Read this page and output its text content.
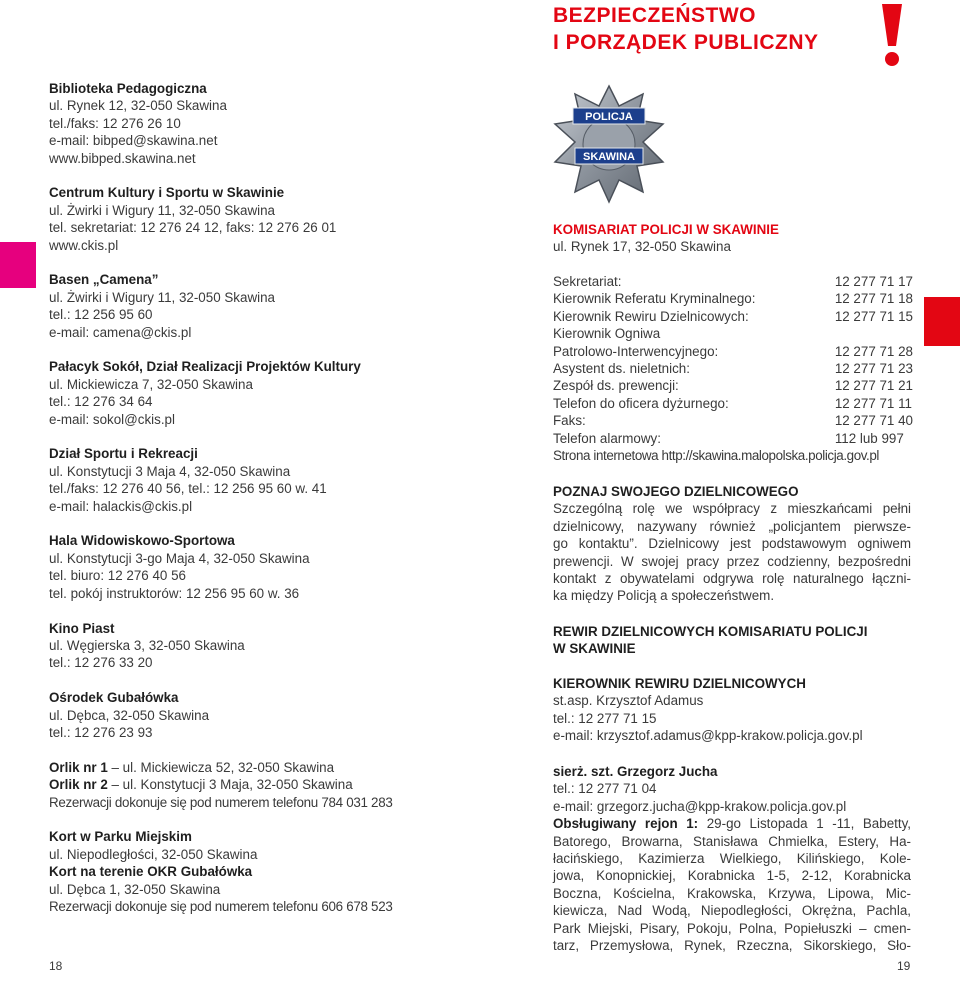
BEZPIECZEŃSTWO
I PORZĄDEK PUBLICZNY
POLICJA
SKAWINA
Biblioteka Pedagogiczna
ul. Rynek 12, 32-050 Skawina
tel./faks: 12 276 26 10
e-mail: bibped@skawina.net
www.bibped.skawina.net
Centrum Kultury i Sportu w Skawinie
ul. Żwirki i Wigury 11, 32-050 Skawina
tel. sekretariat: 12 276 24 12, faks: 12 276 26 01
www.ckis.pl
Basen „Camena”
ul. Żwirki i Wigury 11, 32-050 Skawina
tel.: 12 256 95 60
e-mail: camena@ckis.pl
Pałacyk Sokół, Dział Realizacji Projektów Kultury
ul. Mickiewicza 7, 32-050 Skawina
tel.: 12 276 34 64
e-mail: sokol@ckis.pl
Dział Sportu i Rekreacji
ul. Konstytucji 3 Maja 4, 32-050 Skawina
tel./faks: 12 276 40 56, tel.: 12 256 95 60 w. 41
e-mail: halackis@ckis.pl
Hala Widowiskowo-Sportowa
ul. Konstytucji 3-go Maja 4, 32-050 Skawina
tel. biuro: 12 276 40 56
tel. pokój instruktorów: 12 256 95 60 w. 36
Kino Piast
ul. Węgierska 3, 32-050 Skawina
tel.: 12 276 33 20
Ośrodek Gubałówka
ul. Dębca, 32-050 Skawina
tel.: 12 276 23 93
Orlik nr 1 – ul. Mickiewicza 52, 32-050 Skawina
Orlik nr 2 – ul. Konstytucji 3 Maja, 32-050 Skawina
Rezerwacji dokonuje się pod numerem telefonu 784 031 283
Kort w Parku Miejskim
ul. Niepodległości, 32-050 Skawina
Kort na terenie OKR Gubałówka
ul. Dębca 1, 32-050 Skawina
Rezerwacji dokonuje się pod numerem telefonu 606 678 523
KOMISARIAT POLICJI W SKAWINIE
ul. Rynek 17, 32-050 Skawina
Sekretariat:	12 277 71 17
Kierownik Referatu Kryminalnego:	12 277 71 18
Kierownik Rewiru Dzielnicowych:	12 277 71 15
Kierownik Ogniwa	
Patrolowo-Interwencyjnego:	12 277 71 28
Asystent ds. nieletnich:	12 277 71 23
Zespół ds. prewencji:	12 277 71 21
Telefon do oficera dyżurnego:	12 277 71 11
Faks:	12 277 71 40
Telefon alarmowy:	112 lub 997
Strona internetowa http://skawina.malopolska.policja.gov.pl
POZNAJ SWOJEGO DZIELNICOWEGO
Szczególną rolę we współpracy z mieszkańcami pełni
dzielnicowy, nazywany również „policjantem pierwsze-
go kontaktu”. Dzielnicowy jest podstawowym ogniwem
prewencji. W swojej pracy przez codzienny, bezpośredni
kontakt z obywatelami odgrywa rolę naturalnego łączni-
ka między Policją a społeczeństwem.
REWIR DZIELNICOWYCH KOMISARIATU POLICJI
W SKAWINIE
KIEROWNIK REWIRU DZIELNICOWYCH
st.asp. Krzysztof Adamus
tel.: 12 277 71 15
e-mail: krzysztof.adamus@kpp-krakow.policja.gov.pl
sierż. szt. Grzegorz Jucha
tel.: 12 277 71 04
e-mail: grzegorz.jucha@kpp-krakow.policja.gov.pl
Obsługiwany rejon 1: 29-go Listopada 1 -11, Babetty,
Batorego, Browarna, Stanisława Chmielka, Estery, Ha-
łacińskiego, Kazimierza Wielkiego, Kilińskiego, Kole-
jowa, Konopnickiej, Korabnicka 1-5, 2-12, Korabnicka
Boczna, Kościelna, Krakowska, Krzywa, Lipowa, Mic-
kiewicza, Nad Wodą, Niepodległości, Okrężna, Pachla,
Park Miejski, Pisary, Pokoju, Polna, Popiełuszki – cmen-
tarz, Przemysłowa, Rynek, Rzeczna, Sikorskiego, Sło-
18	19
